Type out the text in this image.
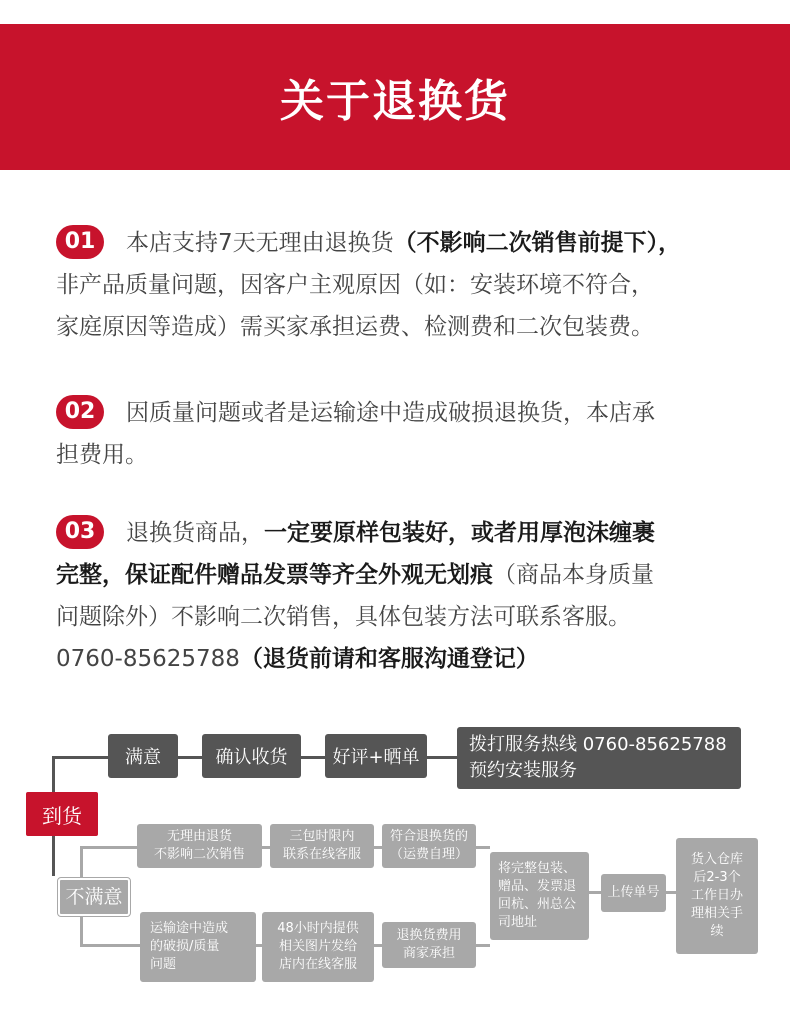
关于退换货
01 本店支持7天无理由退换货（不影响二次销售前提下），
非产品质量问题，因客户主观原因（如：安装环境不符合，
家庭原因等造成）需买家承担运费、检测费和二次包装费。
02 因质量问题或者是运输途中造成破损退换货，本店承
担费用。
03 退换货商品，一定要原样包装好，或者用厚泡沫缠裹
完整，保证配件赠品发票等齐全外观无划痕（商品本身质量
问题除外）不影响二次销售，具体包装方法可联系客服。
0760-85625788（退货前请和客服沟通登记）
到货
满意	确认收货	好评+晒单
拨打服务热线 0760-85625788
预约安装服务
不满意
无理由退货
不影响二次销售
三包时限内
联系在线客服
符合退换货的
（运费自理）
运输途中造成
的破损/质量
问题
48小时内提供
相关图片发给
店内在线客服
退换货费用
商家承担
将完整包装、
赠品、发票退
回杭、州总公
司地址
上传单号
货入仓库
后2-3个
工作日办
理相关手
续
